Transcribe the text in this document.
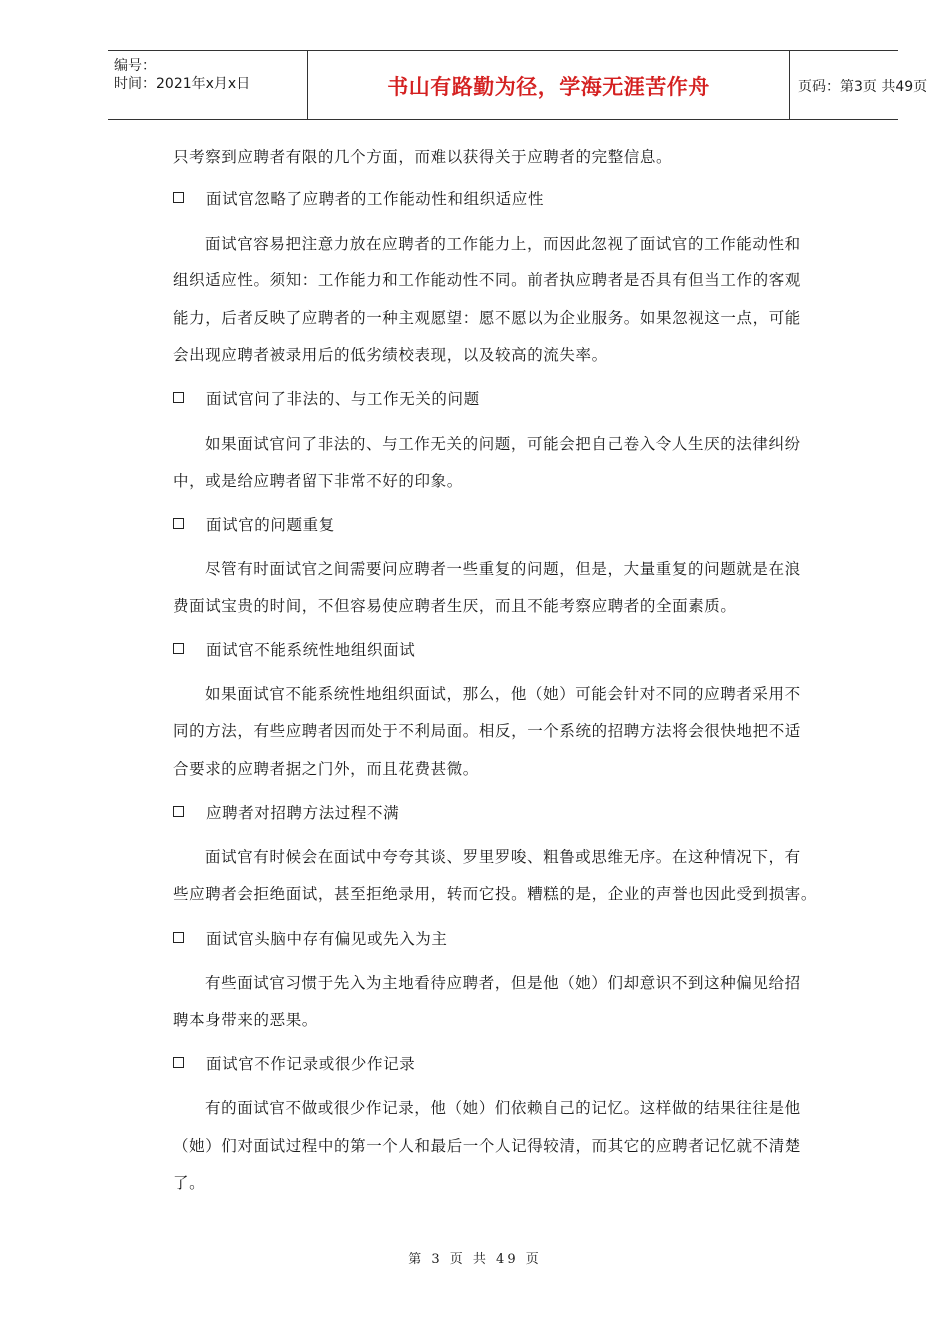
编号：
时间：2021年x月x日	书山有路勤为径，学海无涯苦作舟	页码：第3页 共49页
只考察到应聘者有限的几个方面，而难以获得关于应聘者的完整信息。
面试官忽略了应聘者的工作能动性和组织适应性
面试官容易把注意力放在应聘者的工作能力上，而因此忽视了面试官的工作能动性和
组织适应性。须知：工作能力和工作能动性不同。前者执应聘者是否具有但当工作的客观
能力，后者反映了应聘者的一种主观愿望：愿不愿以为企业服务。如果忽视这一点，可能
会出现应聘者被录用后的低劣绩校表现，以及较高的流失率。
面试官问了非法的、与工作无关的问题
如果面试官问了非法的、与工作无关的问题，可能会把自己卷入令人生厌的法律纠纷
中，或是给应聘者留下非常不好的印象。
面试官的问题重复
尽管有时面试官之间需要问应聘者一些重复的问题，但是，大量重复的问题就是在浪
费面试宝贵的时间，不但容易使应聘者生厌，而且不能考察应聘者的全面素质。
面试官不能系统性地组织面试
如果面试官不能系统性地组织面试，那么，他（她）可能会针对不同的应聘者采用不
同的方法，有些应聘者因而处于不利局面。相反，一个系统的招聘方法将会很快地把不适
合要求的应聘者据之门外，而且花费甚微。
应聘者对招聘方法过程不满
面试官有时候会在面试中夸夸其谈、罗里罗唆、粗鲁或思维无序。在这种情况下，有
些应聘者会拒绝面试，甚至拒绝录用，转而它投。糟糕的是，企业的声誉也因此受到损害。
面试官头脑中存有偏见或先入为主
有些面试官习惯于先入为主地看待应聘者，但是他（她）们却意识不到这种偏见给招
聘本身带来的恶果。
面试官不作记录或很少作记录
有的面试官不做或很少作记录，他（她）们依赖自己的记忆。这样做的结果往往是他
（她）们对面试过程中的第一个人和最后一个人记得较清，而其它的应聘者记忆就不清楚
了。
第 3 页 共 49 页
